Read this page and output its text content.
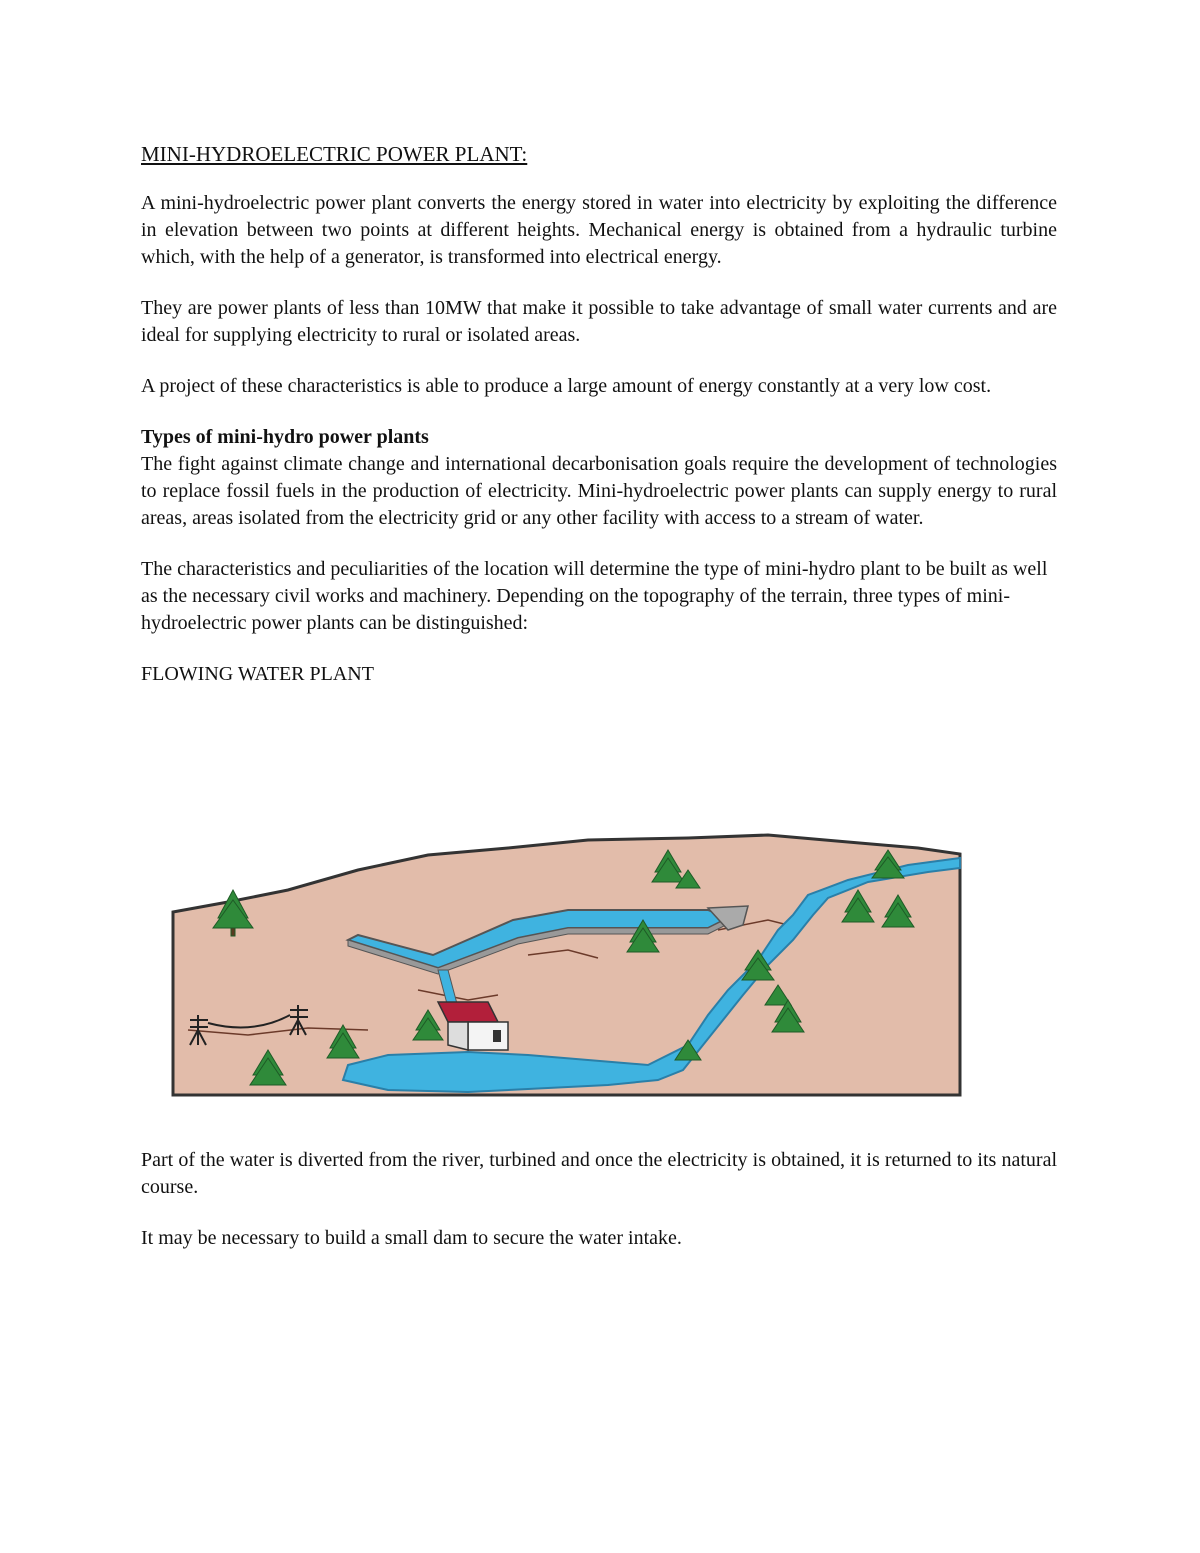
MINI-HYDROELECTRIC POWER PLANT:

A mini-hydroelectric power plant converts the energy stored in water into electricity by exploiting the difference in elevation between two points at different heights. Mechanical energy is obtained from a hydraulic turbine which, with the help of a generator, is transformed into electrical energy.

They are power plants of less than 10MW that make it possible to take advantage of small water currents and are ideal for supplying electricity to rural or isolated areas.

A project of these characteristics is able to produce a large amount of energy constantly at a very low cost.

Types of mini-hydro power plants

The fight against climate change and international decarbonisation goals require the development of technologies to replace fossil fuels in the production of electricity. Mini-hydroelectric power plants can supply energy to rural areas, areas isolated from the electricity grid or any other facility with access to a stream of water.

The characteristics and peculiarities of the location will determine the type of mini-hydro plant to be built as well as the necessary civil works and machinery. Depending on the topography of the terrain, three types of mini-hydroelectric power plants can be distinguished:

FLOWING WATER PLANT

Part of the water is diverted from the river, turbined and once the electricity is obtained, it is returned to its natural course.

It may be necessary to build a small dam to secure the water intake.
